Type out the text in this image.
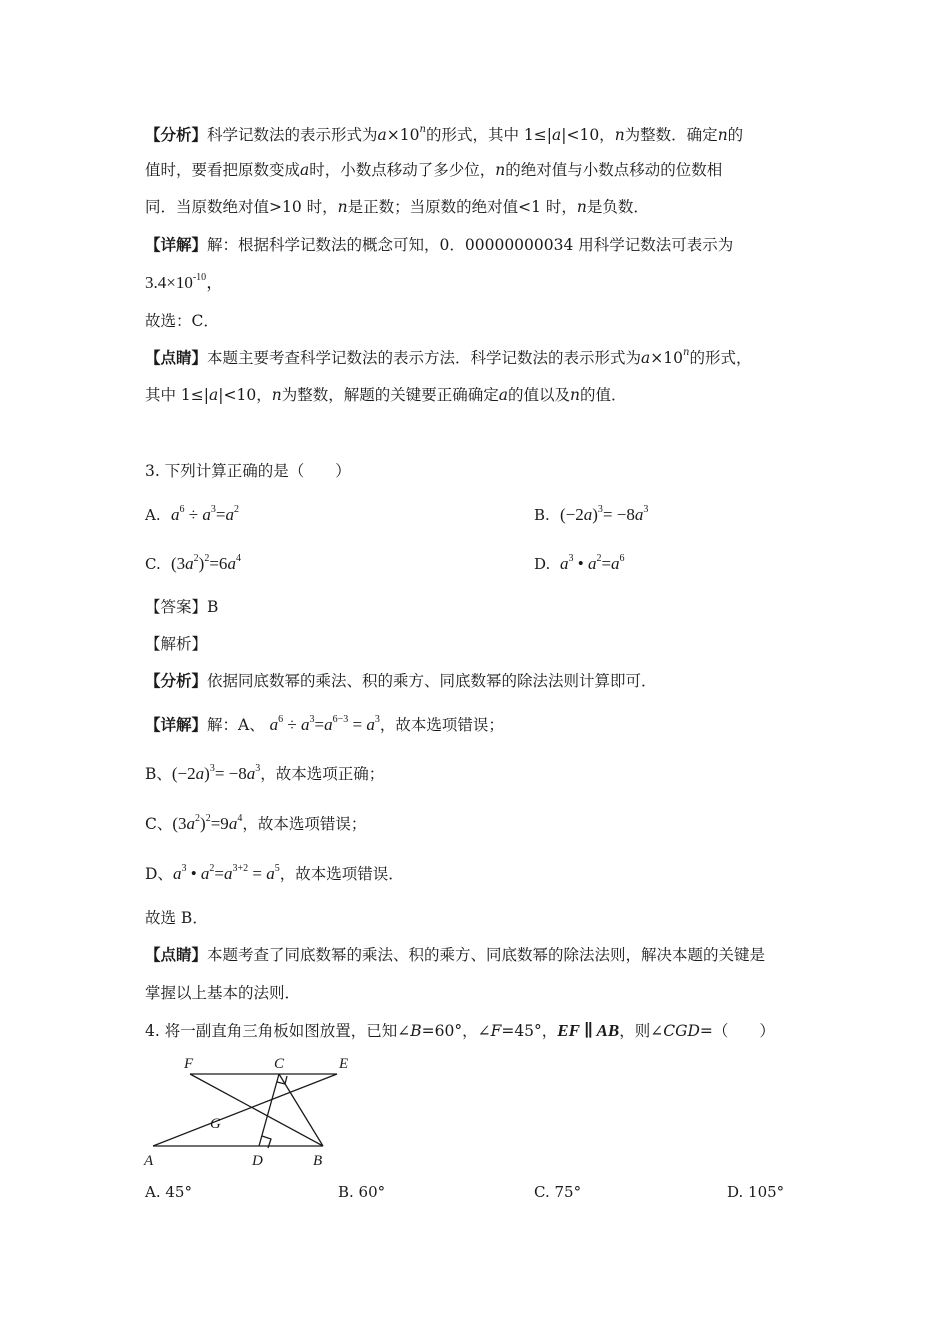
【分析】科学记数法的表示形式为$a\times 10^n$的形式，其中 1≤|a|<10，n为整数．确定n的
值时，要看把原数变成a时，小数点移动了多少位，n的绝对值与小数点移动的位数相
同．当原数绝对值>10 时，n是正数；当原数的绝对值<1 时，n是负数．
【详解】解：根据科学记数法的概念可知，0．00000000034 用科学记数法可表示为
$3.4\times 10^{-10}$，
故选：C．
【点睛】本题主要考查科学记数法的表示方法．科学记数法的表示形式为$a\times 10^n$的形式，
其中 1≤|a|<10，n为整数，解题的关键要正确确定a的值以及n的值．
3. 下列计算正确的是（　　）
A. $a^6 \div a^3=a^2$	B. $(-2a)^3= -8a^3$
C. $(3a^2)^2=6a^4$	D. $a^3$ • $a^2=a^6$
【答案】B
【解析】
【分析】依据同底数幂的乘法、积的乘方、同底数幂的除法法则计算即可．
【详解】解：A、 $a^6 \div a^3=a^{6-3} = a^3$，故本选项错误；
B、$(-2a)^3= -8a^3$，故本选项正确；
C、$(3a^2)^2=9a^4$，故本选项错误；
D、$a^3$ • $a^2=a^{3+2} = a^5$，故本选项错误．
故选 B．
【点睛】本题考查了同底数幂的乘法、积的乘方、同底数幂的除法法则，解决本题的关键是
掌握以上基本的法则．
4. 将一副直角三角板如图放置，已知∠B=60°，∠F=45°，EF ∥ AB，则∠CGD=（　　）
F	C	E
G
A	D	B
A. 45°	B. 60°	C. 75°	D. 105°
